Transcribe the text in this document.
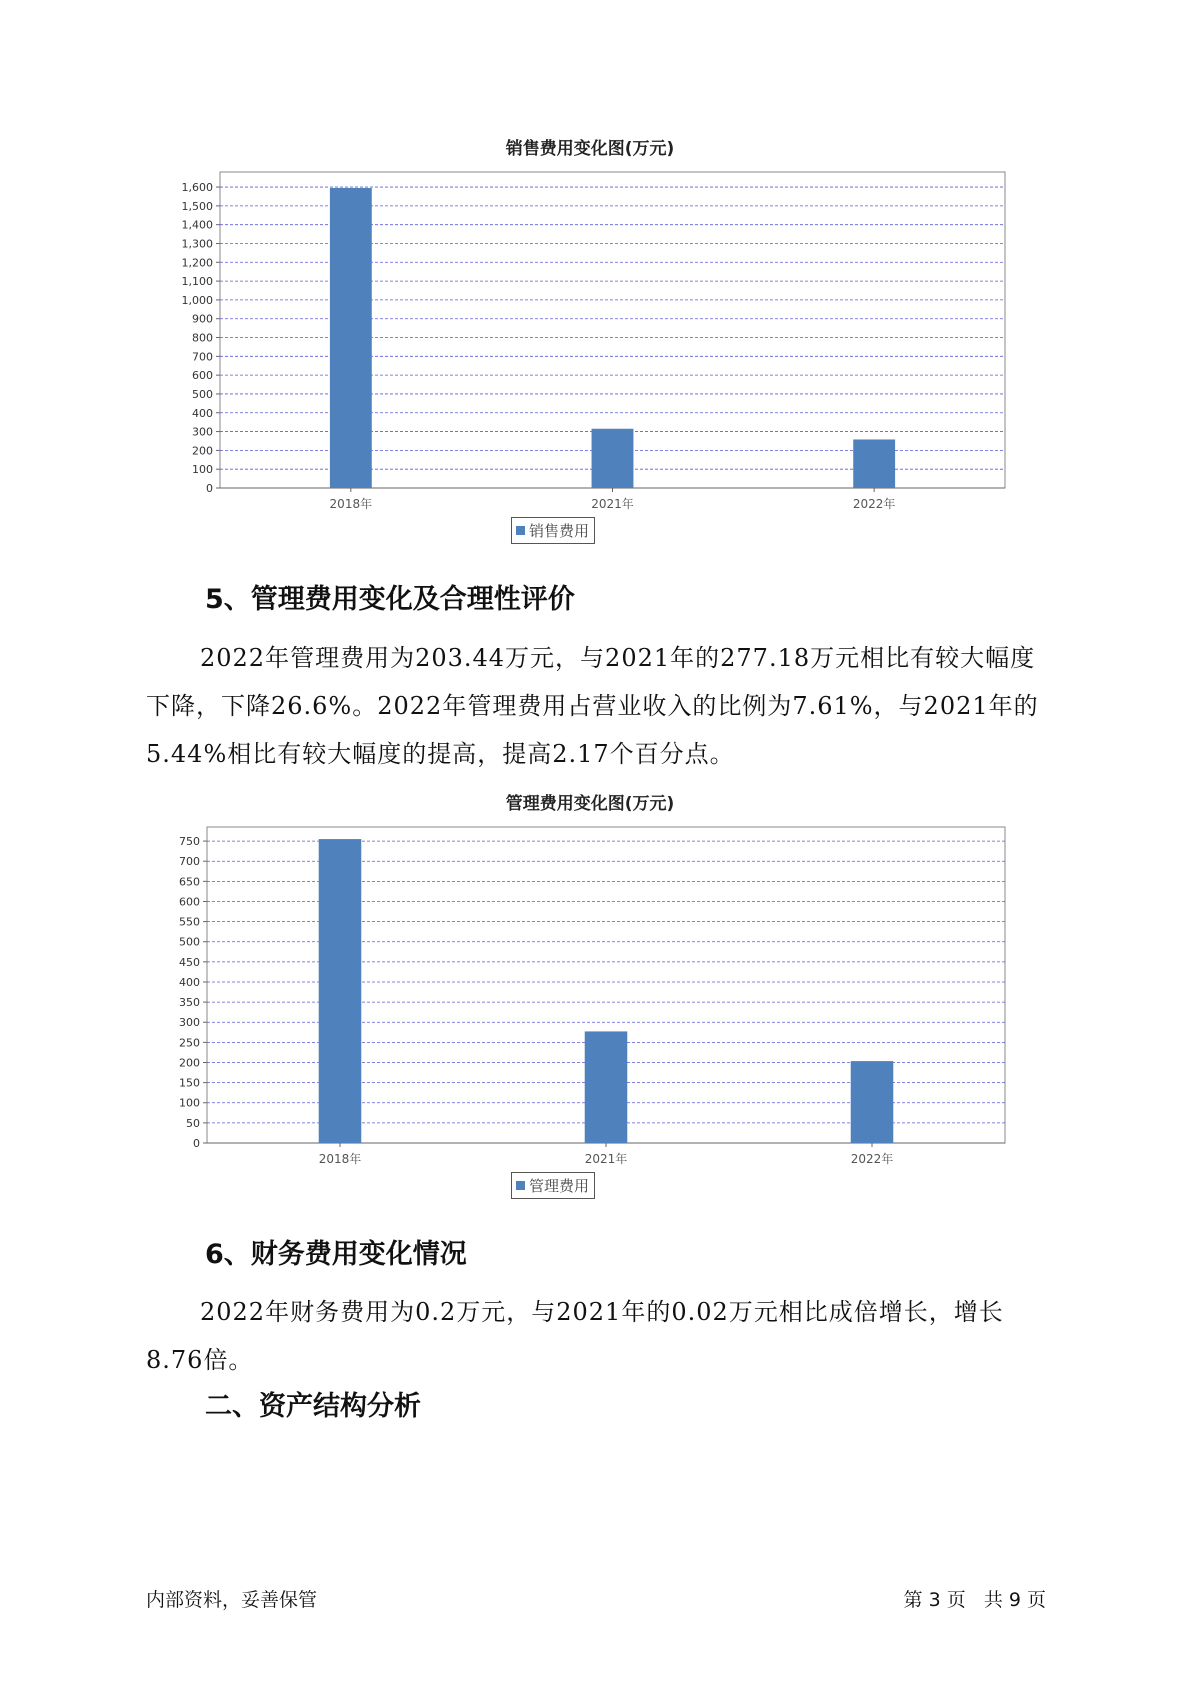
销售费用变化图(万元)
0
100
200
300
400
500
600
700
800
900
1,000
1,100
1,200
1,300
1,400
1,500
1,600
2018年	2021年	2022年
销售费用
5、管理费用变化及合理性评价
2022年管理费用为203.44万元，与2021年的277.18万元相比有较大幅度下降，下降26.6%。2022年管理费用占营业收入的比例为7.61%，与2021年的5.44%相比有较大幅度的提高，提高2.17个百分点。
管理费用变化图(万元)
0
50
100
150
200
250
300
350
400
450
500
550
600
650
700
750
2018年	2021年	2022年
管理费用
6、财务费用变化情况
2022年财务费用为0.2万元，与2021年的0.02万元相比成倍增长，增长8.76倍。
二、资产结构分析
内部资料，妥善保管	第 3 页   共 9 页
